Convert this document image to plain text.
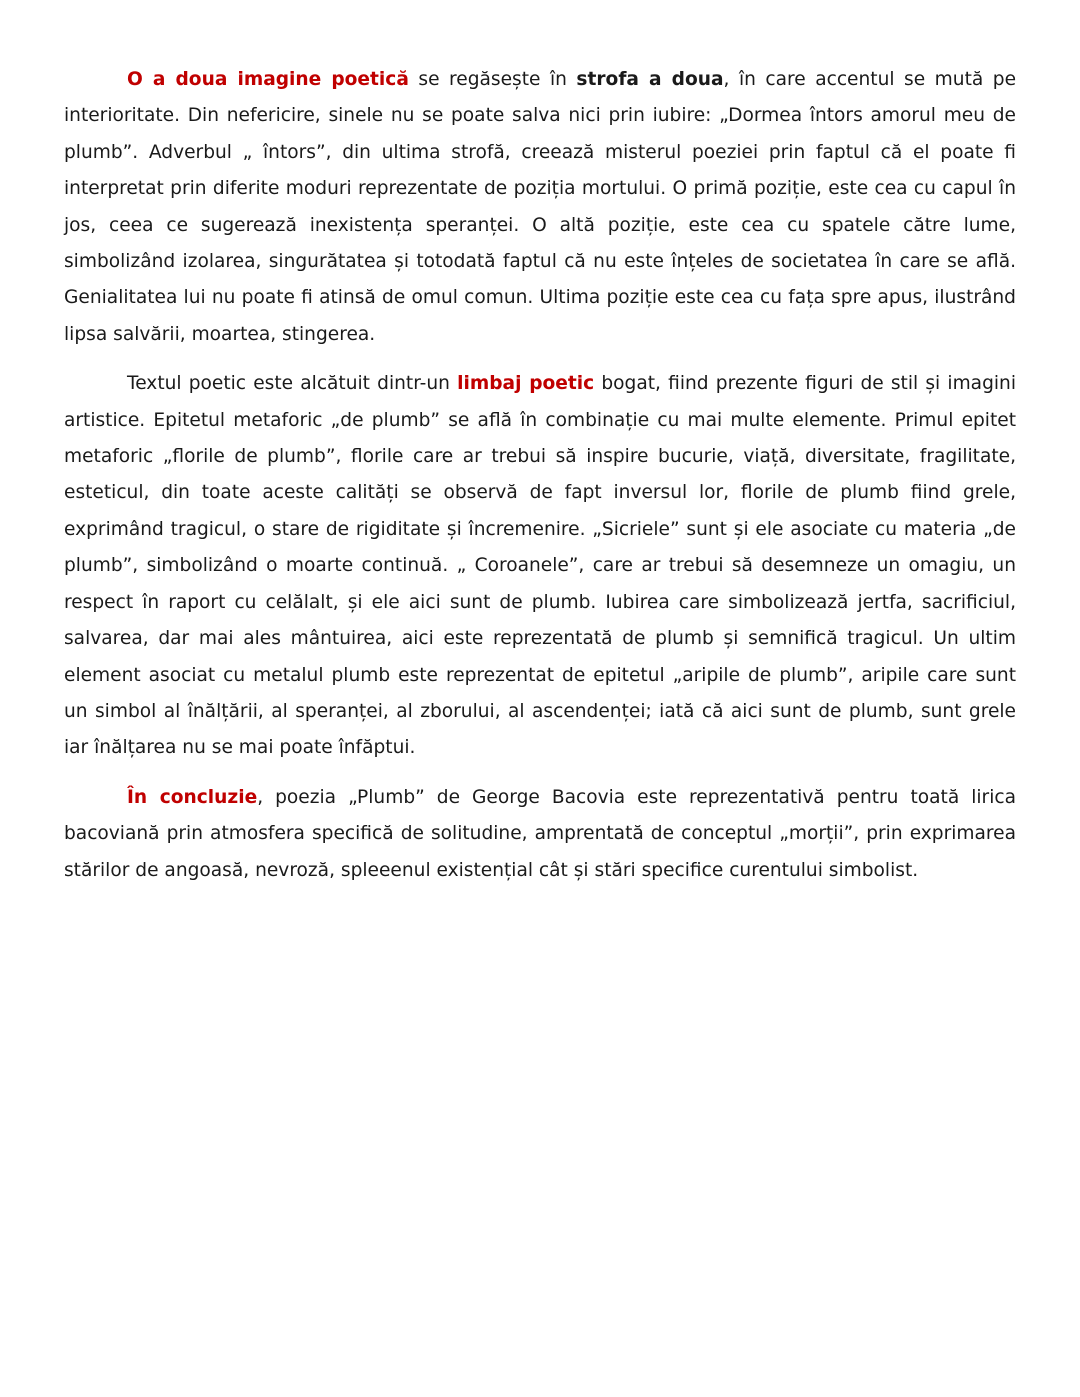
O a doua imagine poetică se regăsește în strofa a doua, în care accentul se mută pe interioritate. Din nefericire, sinele nu se poate salva nici prin iubire: „Dormea întors amorul meu de plumb”. Adverbul „ întors”, din ultima strofă, creează misterul poeziei prin faptul că el poate fi interpretat prin diferite moduri reprezentate de poziția mortului. O primă poziție, este cea cu capul în jos, ceea ce sugerează inexistența speranței. O altă poziție, este cea cu spatele către lume, simbolizând izolarea, singurătatea și totodată faptul că nu este înțeles de societatea în care se află. Genialitatea lui nu poate fi atinsă de omul comun. Ultima poziție este cea cu fața spre apus, ilustrând lipsa salvării, moartea, stingerea.

Textul poetic este alcătuit dintr-un limbaj poetic bogat, fiind prezente figuri de stil și imagini artistice. Epitetul metaforic „de plumb” se află în combinație cu mai multe elemente. Primul epitet metaforic „florile de plumb”, florile care ar trebui să inspire bucurie, viață, diversitate, fragilitate, esteticul, din toate aceste calități se observă de fapt inversul lor, florile de plumb fiind grele, exprimând tragicul, o stare de rigiditate și încremenire. „Sicriele” sunt și ele asociate cu materia „de plumb”, simbolizând o moarte continuă. „ Coroanele”, care ar trebui să desemneze un omagiu, un respect în raport cu celălalt, și ele aici sunt de plumb. Iubirea care simbolizează jertfa, sacrificiul, salvarea, dar mai ales mântuirea, aici este reprezentată de plumb și semnifică tragicul. Un ultim element asociat cu metalul plumb este reprezentat de epitetul „aripile de plumb”, aripile care sunt un simbol al înălțării, al speranței, al zborului, al ascendenței; iată că aici sunt de plumb, sunt grele iar înălțarea nu se mai poate înfăptui.

În concluzie, poezia „Plumb” de George Bacovia este reprezentativă pentru toată lirica bacoviană prin atmosfera specifică de solitudine, amprentată de conceptul „morții”, prin exprimarea stărilor de angoasă, nevroză, spleeenul existențial cât și stări specifice curentului simbolist.
